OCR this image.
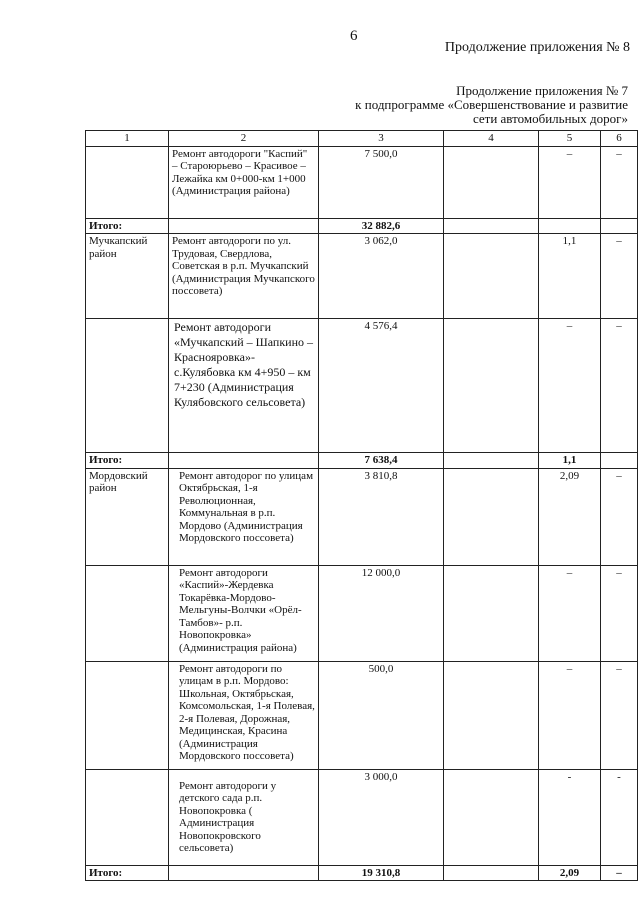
6
Продолжение приложения № 8
Продолжение приложения № 7
к подпрограмме «Совершенствование и развитие
сети автомобильных дорог»
1	2	3	4	5	6
	Ремонт автодороги "Каспий" – Староюрьево – Красивое – Лежайка км 0+000-км 1+000 (Администрация района)	7 500,0		–	–
Итого:		32 882,6			
Мучкапский район	Ремонт автодороги по ул. Трудовая, Свердлова, Советская в р.п. Мучкапский (Администрация Мучкапского поссовета)	3 062,0		1,1	–
	Ремонт автодороги «Мучкапский – Шапкино – Краснояровка»-с.Кулябовка км 4+950 – км 7+230 (Администрация Кулябовского сельсовета)	4 576,4		–	–
Итого:		7 638,4		1,1	
Мордовский район	Ремонт автодорог по улицам Октябрьская, 1-я Революционная, Коммунальная в р.п. Мордово (Администрация Мордовского поссовета)	3 810,8		2,09	–
	Ремонт автодороги «Каспий»-Жердевка Токарёвка-Мордово-Мельгуны-Волчки «Орёл-Тамбов»- р.п. Новопокровка» (Администрация района)	12 000,0		–	–
	Ремонт автодороги по улицам в р.п. Мордово: Школьная, Октябрьская, Комсомольская, 1-я Полевая, 2-я Полевая, Дорожная, Медицинская, Красина (Администрация Мордовского поссовета)	500,0		–	–
	Ремонт автодороги у детского сада р.п. Новопокровка ( Администрация Новопокровского сельсовета)	3 000,0		-	-
Итого:		19 310,8		2,09	–
